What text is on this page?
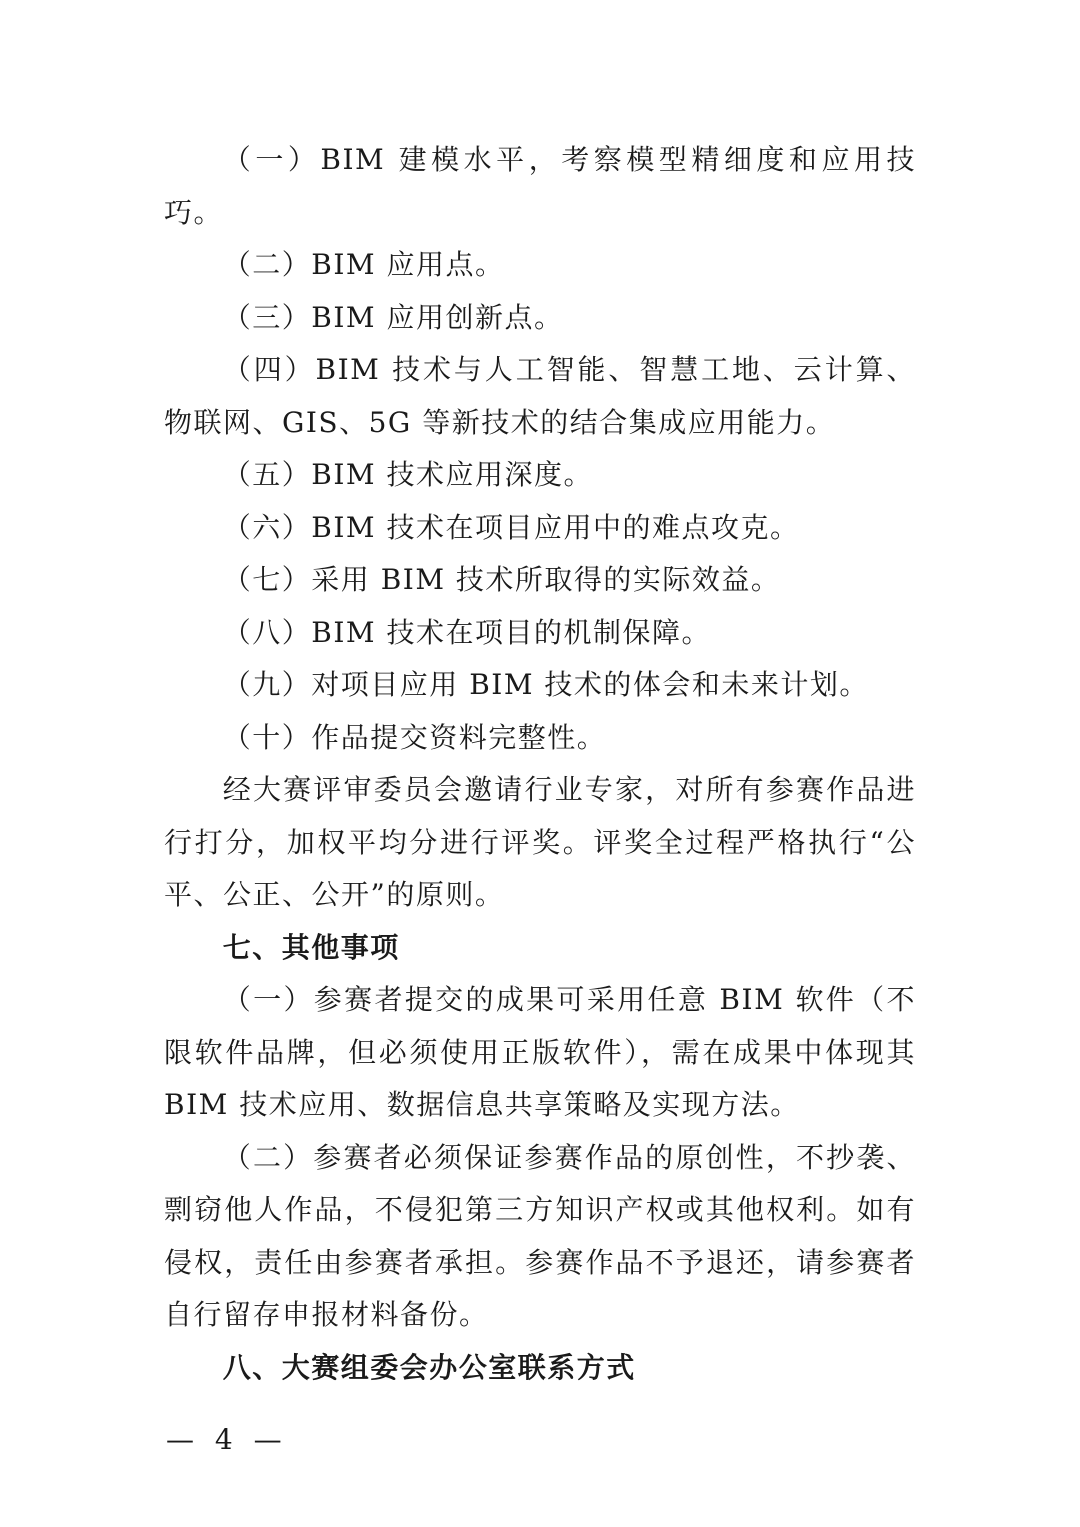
（一）BIM 建模水平，考察模型精细度和应用技巧。

（二）BIM 应用点。

（三）BIM 应用创新点。

（四）BIM 技术与人工智能、智慧工地、云计算、物联网、GIS、5G 等新技术的结合集成应用能力。

（五）BIM 技术应用深度。

（六）BIM 技术在项目应用中的难点攻克。

（七）采用 BIM 技术所取得的实际效益。

（八）BIM 技术在项目的机制保障。

（九）对项目应用 BIM 技术的体会和未来计划。

（十）作品提交资料完整性。

经大赛评审委员会邀请行业专家，对所有参赛作品进行打分，加权平均分进行评奖。评奖全过程严格执行“公平、公正、公开”的原则。

七、其他事项

（一）参赛者提交的成果可采用任意 BIM 软件（不限软件品牌，但必须使用正版软件），需在成果中体现其 BIM 技术应用、数据信息共享策略及实现方法。

（二）参赛者必须保证参赛作品的原创性，不抄袭、剽窃他人作品，不侵犯第三方知识产权或其他权利。如有侵权，责任由参赛者承担。参赛作品不予退还，请参赛者自行留存申报材料备份。

八、大赛组委会办公室联系方式

— 4 —
